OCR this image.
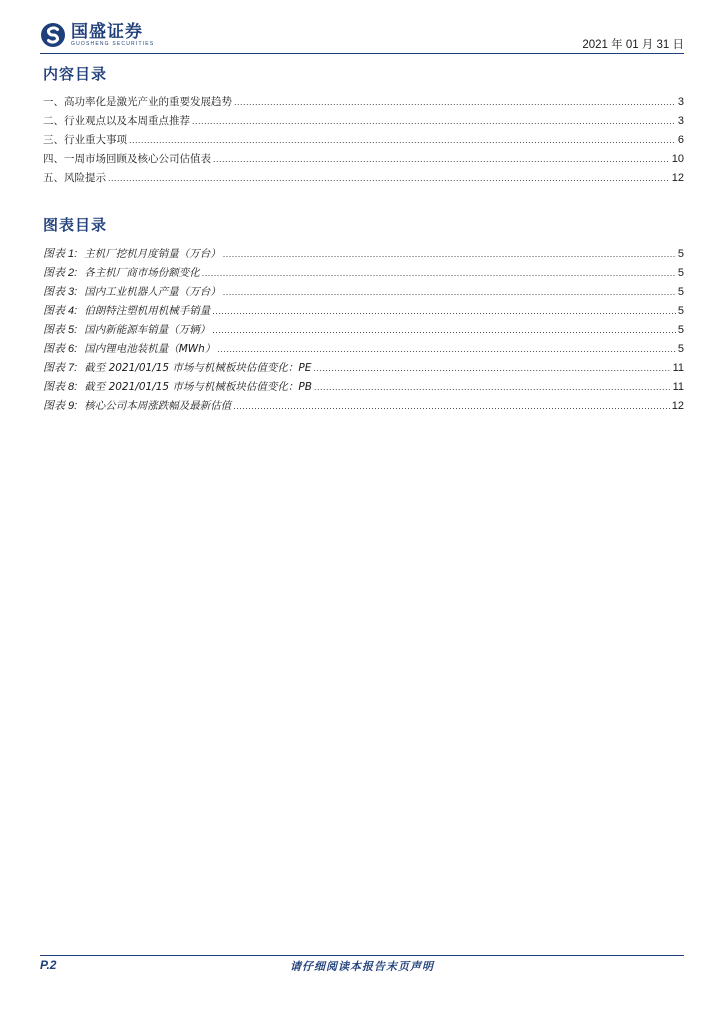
国盛证券
GUOSHENG SECURITIES	2021 年 01 月 31 日
内容目录
一、高功率化是激光产业的重要发展趋势 .....	3
二、行业观点以及本周重点推荐 .....	3
三、行业重大事项 .....	6
四、一周市场回顾及核心公司估值表 .....	10
五、风险提示 .....	12
图表目录
图表 1: 主机厂挖机月度销量（万台） .....	5
图表 2: 各主机厂商市场份额变化 .....	5
图表 3: 国内工业机器人产量（万台） .....	5
图表 4: 伯朗特注塑机用机械手销量 .....	5
图表 5: 国内新能源车销量（万辆） .....	5
图表 6: 国内锂电池装机量（MWh） .....	5
图表 7: 截至 2021/01/15 市场与机械板块估值变化：PE .....	11
图表 8: 截至 2021/01/15 市场与机械板块估值变化：PB .....	11
图表 9: 核心公司本周涨跌幅及最新估值 .....	12
P.2	请仔细阅读本报告末页声明
